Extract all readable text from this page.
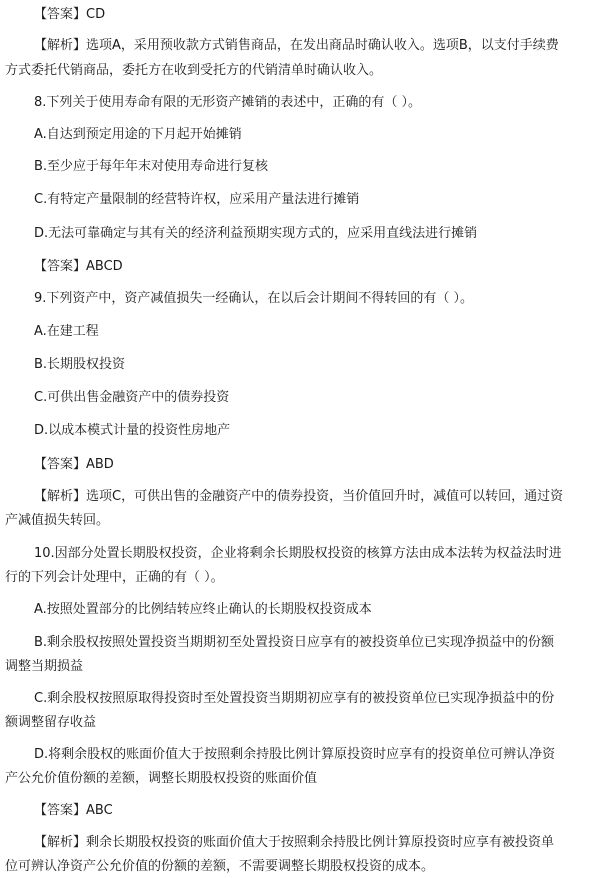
【答案】CD
【解析】选项A，采用预收款方式销售商品，在发出商品时确认收入。选项B，以支付手续费
方式委托代销商品，委托方在收到受托方的代销清单时确认收入。
8.下列关于使用寿命有限的无形资产摊销的表述中，正确的有（ ）。
A.自达到预定用途的下月起开始摊销
B.至少应于每年年末对使用寿命进行复核
C.有特定产量限制的经营特许权，应采用产量法进行摊销
D.无法可靠确定与其有关的经济利益预期实现方式的，应采用直线法进行摊销
【答案】ABCD
9.下列资产中，资产减值损失一经确认，在以后会计期间不得转回的有（ ）。
A.在建工程
B.长期股权投资
C.可供出售金融资产中的债券投资
D.以成本模式计量的投资性房地产
【答案】ABD
【解析】选项C，可供出售的金融资产中的债券投资，当价值回升时，减值可以转回，通过资
产减值损失转回。
10.因部分处置长期股权投资，企业将剩余长期股权投资的核算方法由成本法转为权益法时进
行的下列会计处理中，正确的有（ ）。
A.按照处置部分的比例结转应终止确认的长期股权投资成本
B.剩余股权按照处置投资当期期初至处置投资日应享有的被投资单位已实现净损益中的份额
调整当期损益
C.剩余股权按照原取得投资时至处置投资当期期初应享有的被投资单位已实现净损益中的份
额调整留存收益
D.将剩余股权的账面价值大于按照剩余持股比例计算原投资时应享有的投资单位可辨认净资
产公允价值份额的差额，调整长期股权投资的账面价值
【答案】ABC
【解析】剩余长期股权投资的账面价值大于按照剩余持股比例计算原投资时应享有被投资单
位可辨认净资产公允价值的份额的差额，不需要调整长期股权投资的成本。
